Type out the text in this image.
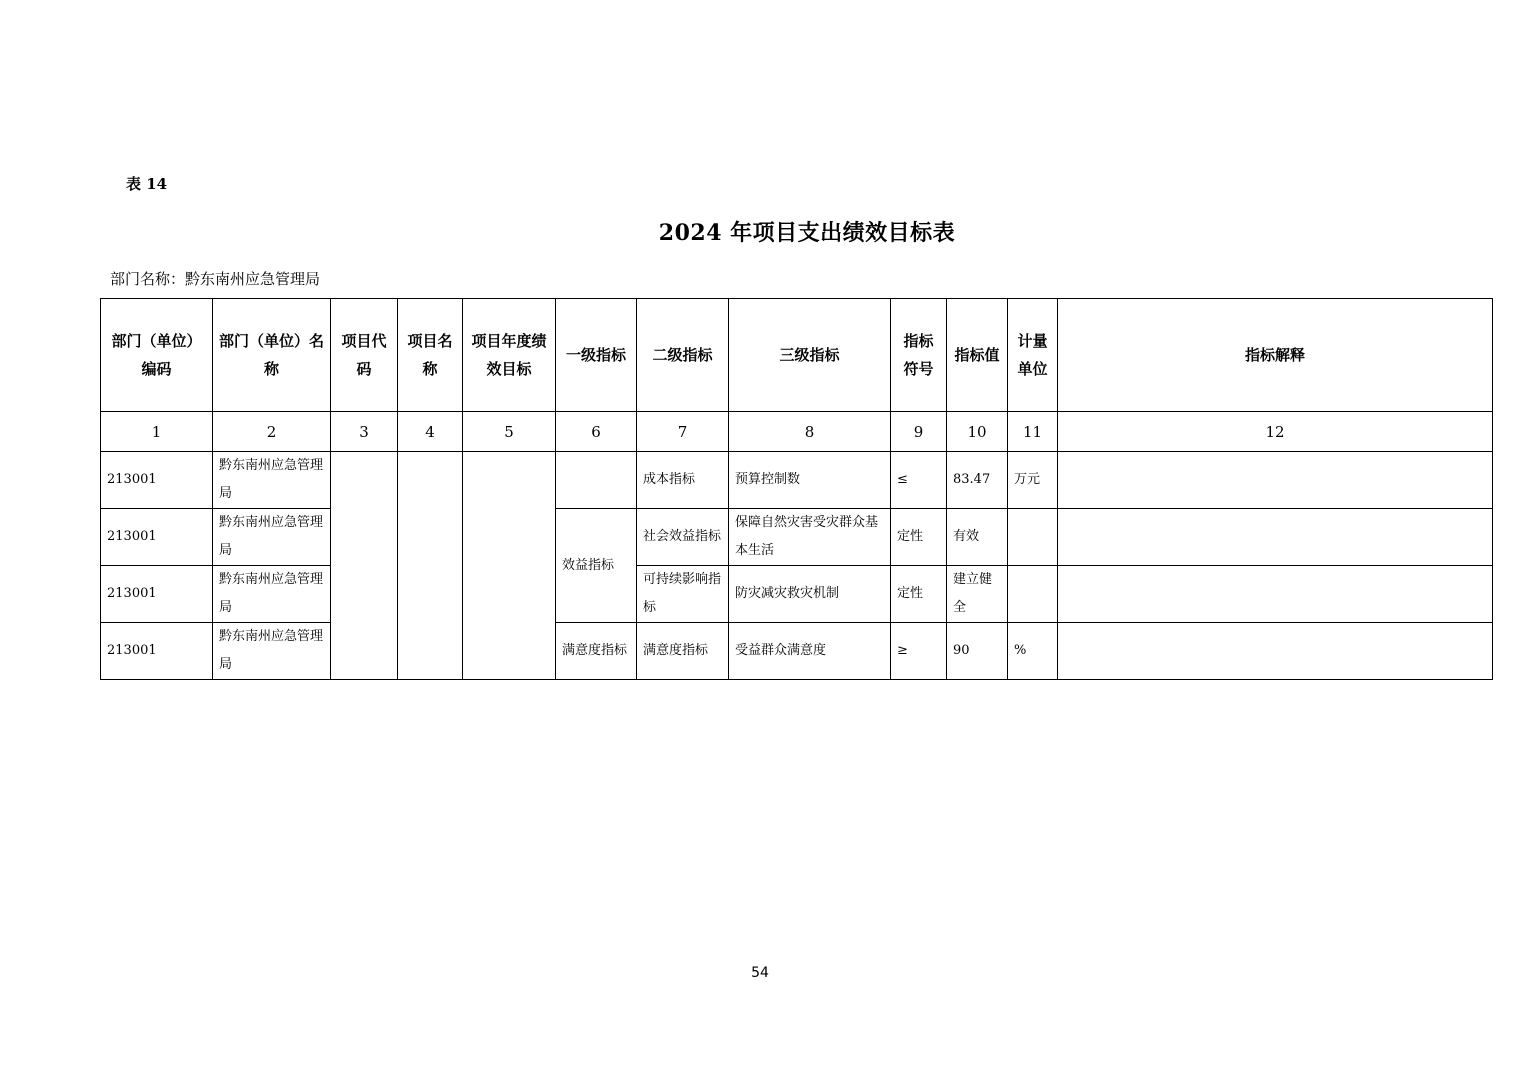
表 14
2024 年项目支出绩效目标表
部门名称：黔东南州应急管理局
部门（单位）编码	部门（单位）名称	项目代码	项目名称	项目年度绩效目标	一级指标	二级指标	三级指标	指标符号	指标值	计量单位	指标解释
1	2	3	4	5	6	7	8	9	10	11	12
213001	黔东南州应急管理局					成本指标	预算控制数	≤	83.47	万元	
213001	黔东南州应急管理局				效益指标	社会效益指标	保障自然灾害受灾群众基本生活	定性	有效		
213001	黔东南州应急管理局					可持续影响指标	防灾减灾救灾机制	定性	建立健全		
213001	黔东南州应急管理局				满意度指标	满意度指标	受益群众满意度	≥	90	%	
54
